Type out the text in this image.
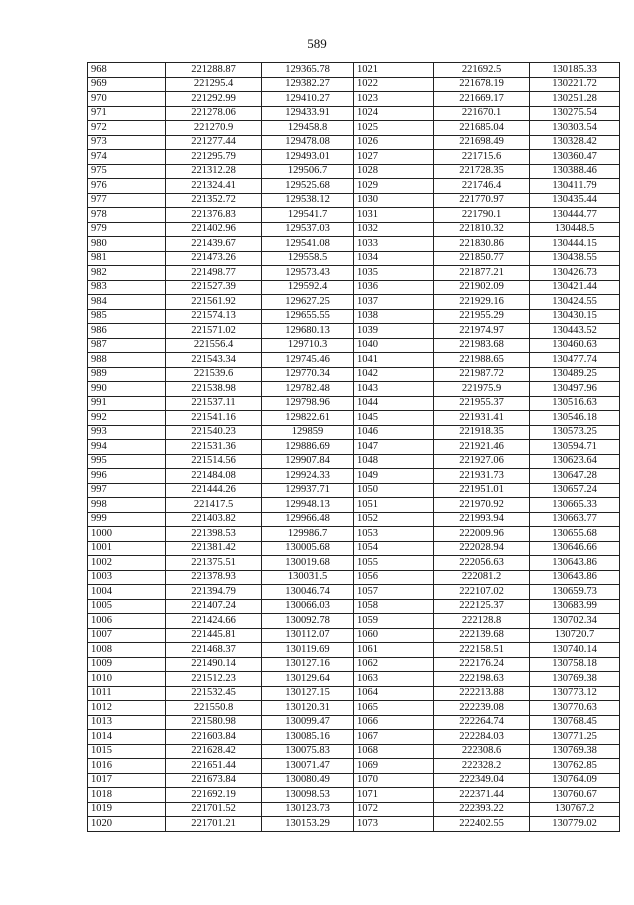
589
968	221288.87	129365.78	1021	221692.5	130185.33
969	221295.4	129382.27	1022	221678.19	130221.72
970	221292.99	129410.27	1023	221669.17	130251.28
971	221278.06	129433.91	1024	221670.1	130275.54
972	221270.9	129458.8	1025	221685.04	130303.54
973	221277.44	129478.08	1026	221698.49	130328.42
974	221295.79	129493.01	1027	221715.6	130360.47
975	221312.28	129506.7	1028	221728.35	130388.46
976	221324.41	129525.68	1029	221746.4	130411.79
977	221352.72	129538.12	1030	221770.97	130435.44
978	221376.83	129541.7	1031	221790.1	130444.77
979	221402.96	129537.03	1032	221810.32	130448.5
980	221439.67	129541.08	1033	221830.86	130444.15
981	221473.26	129558.5	1034	221850.77	130438.55
982	221498.77	129573.43	1035	221877.21	130426.73
983	221527.39	129592.4	1036	221902.09	130421.44
984	221561.92	129627.25	1037	221929.16	130424.55
985	221574.13	129655.55	1038	221955.29	130430.15
986	221571.02	129680.13	1039	221974.97	130443.52
987	221556.4	129710.3	1040	221983.68	130460.63
988	221543.34	129745.46	1041	221988.65	130477.74
989	221539.6	129770.34	1042	221987.72	130489.25
990	221538.98	129782.48	1043	221975.9	130497.96
991	221537.11	129798.96	1044	221955.37	130516.63
992	221541.16	129822.61	1045	221931.41	130546.18
993	221540.23	129859	1046	221918.35	130573.25
994	221531.36	129886.69	1047	221921.46	130594.71
995	221514.56	129907.84	1048	221927.06	130623.64
996	221484.08	129924.33	1049	221931.73	130647.28
997	221444.26	129937.71	1050	221951.01	130657.24
998	221417.5	129948.13	1051	221970.92	130665.33
999	221403.82	129966.48	1052	221993.94	130663.77
1000	221398.53	129986.7	1053	222009.96	130655.68
1001	221381.42	130005.68	1054	222028.94	130646.66
1002	221375.51	130019.68	1055	222056.63	130643.86
1003	221378.93	130031.5	1056	222081.2	130643.86
1004	221394.79	130046.74	1057	222107.02	130659.73
1005	221407.24	130066.03	1058	222125.37	130683.99
1006	221424.66	130092.78	1059	222128.8	130702.34
1007	221445.81	130112.07	1060	222139.68	130720.7
1008	221468.37	130119.69	1061	222158.51	130740.14
1009	221490.14	130127.16	1062	222176.24	130758.18
1010	221512.23	130129.64	1063	222198.63	130769.38
1011	221532.45	130127.15	1064	222213.88	130773.12
1012	221550.8	130120.31	1065	222239.08	130770.63
1013	221580.98	130099.47	1066	222264.74	130768.45
1014	221603.84	130085.16	1067	222284.03	130771.25
1015	221628.42	130075.83	1068	222308.6	130769.38
1016	221651.44	130071.47	1069	222328.2	130762.85
1017	221673.84	130080.49	1070	222349.04	130764.09
1018	221692.19	130098.53	1071	222371.44	130760.67
1019	221701.52	130123.73	1072	222393.22	130767.2
1020	221701.21	130153.29	1073	222402.55	130779.02
